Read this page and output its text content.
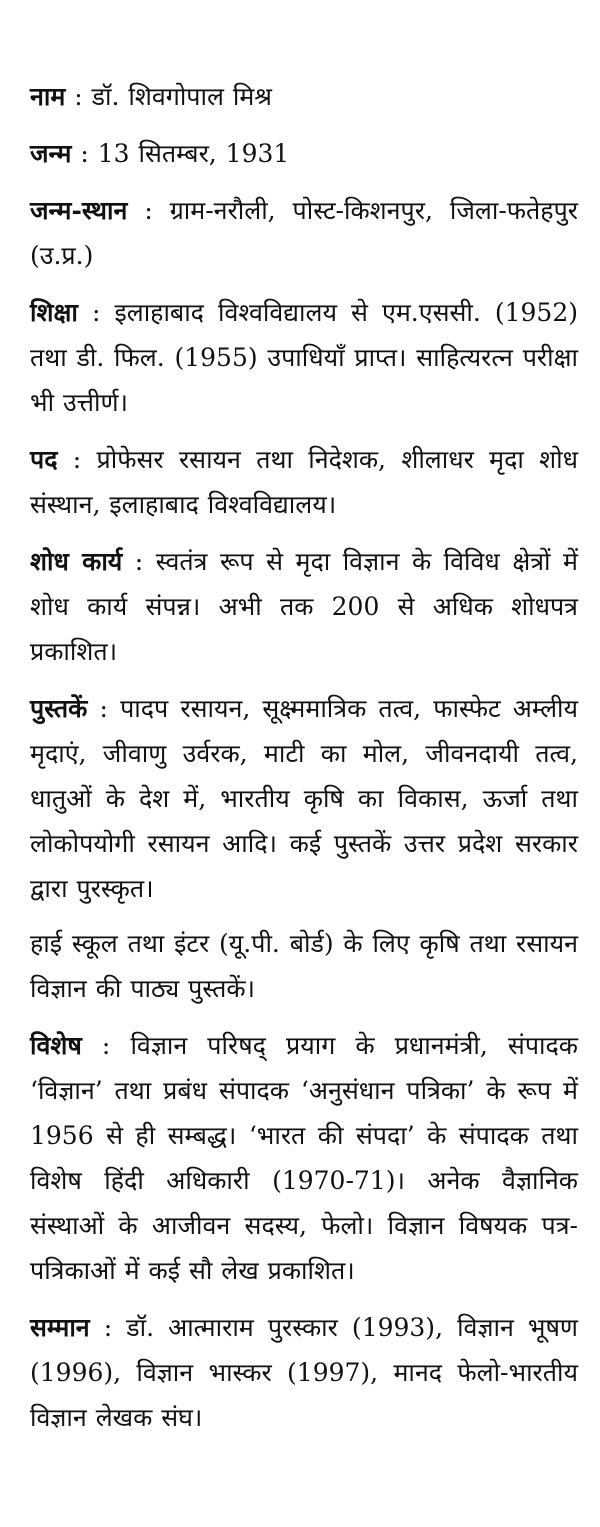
नाम : डॉ. शिवगोपाल मिश्र

जन्म : 13 सितम्बर, 1931

जन्म-स्थान : ग्राम-नरौली, पोस्ट-किशनपुर, जिला-फतेहपुर (उ.प्र.)

शिक्षा : इलाहाबाद विश्वविद्यालय से एम.एससी. (1952) तथा डी. फिल. (1955) उपाधियाँ प्राप्त। साहित्यरत्न परीक्षा भी उत्तीर्ण।

पद : प्रोफेसर रसायन तथा निदेशक, शीलाधर मृदा शोध संस्थान, इलाहाबाद विश्वविद्यालय।

शोध कार्य : स्वतंत्र रूप से मृदा विज्ञान के विविध क्षेत्रों में शोध कार्य संपन्न। अभी तक 200 से अधिक शोधपत्र प्रकाशित।

पुस्तकें : पादप रसायन, सूक्ष्ममात्रिक तत्व, फास्फेट अम्लीय मृदाएं, जीवाणु उर्वरक, माटी का मोल, जीवनदायी तत्व, धातुओं के देश में, भारतीय कृषि का विकास, ऊर्जा तथा लोकोपयोगी रसायन आदि। कई पुस्तकें उत्तर प्रदेश सरकार द्वारा पुरस्कृत।

हाई स्कूल तथा इंटर (यू.पी. बोर्ड) के लिए कृषि तथा रसायन विज्ञान की पाठ्य पुस्तकें।

विशेष : विज्ञान परिषद् प्रयाग के प्रधानमंत्री, संपादक ‘विज्ञान’ तथा प्रबंध संपादक ‘अनुसंधान पत्रिका’ के रूप में 1956 से ही सम्बद्ध। ‘भारत की संपदा’ के संपादक तथा विशेष हिंदी अधिकारी (1970-71)। अनेक वैज्ञानिक संस्थाओं के आजीवन सदस्य, फेलो। विज्ञान विषयक पत्र-पत्रिकाओं में कई सौ लेख प्रकाशित।

सम्मान : डॉ. आत्माराम पुरस्कार (1993), विज्ञान भूषण (1996), विज्ञान भास्कर (1997), मानद फेलो-भारतीय विज्ञान लेखक संघ।
